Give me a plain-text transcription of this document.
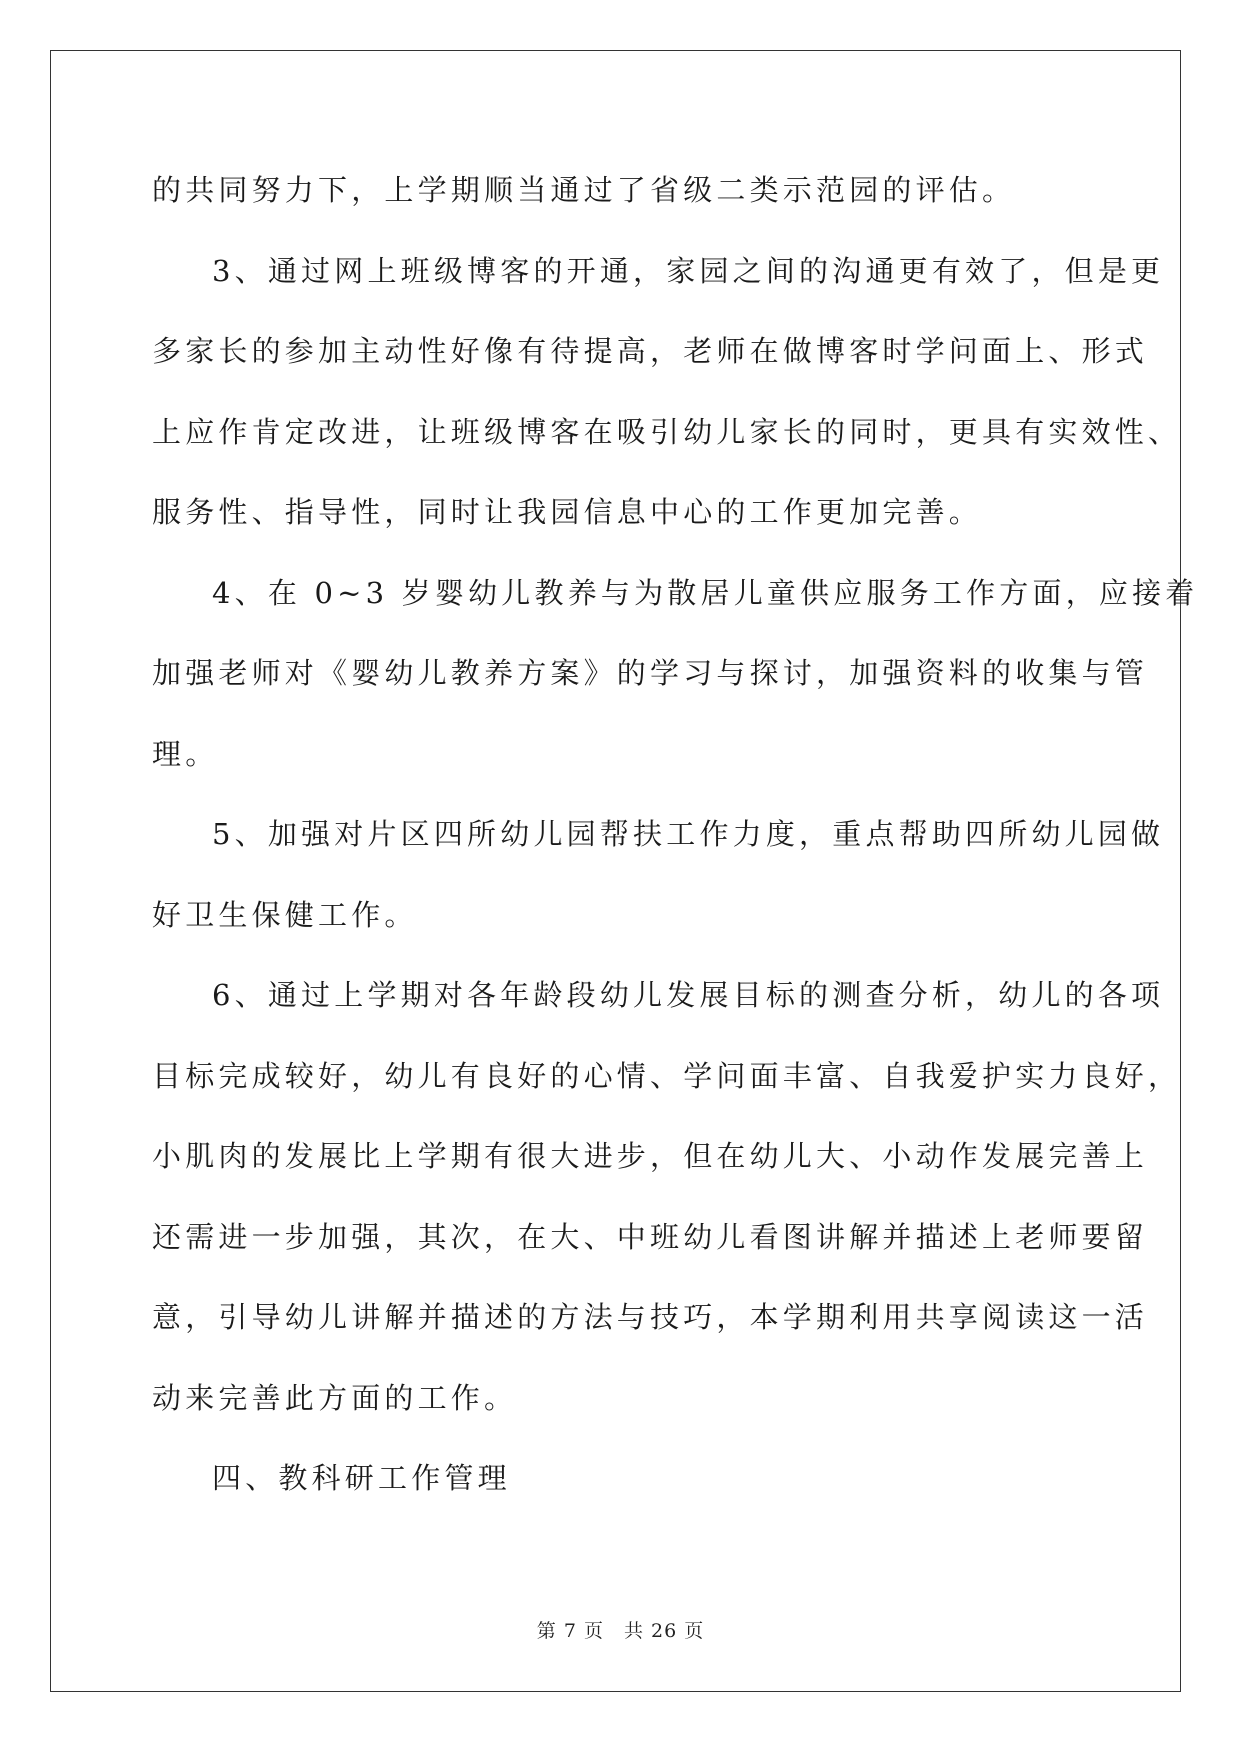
的共同努力下，上学期顺当通过了省级二类示范园的评估。
3、通过网上班级博客的开通，家园之间的沟通更有效了，但是更
多家长的参加主动性好像有待提高，老师在做博客时学问面上、形式
上应作肯定改进，让班级博客在吸引幼儿家长的同时，更具有实效性、
服务性、指导性，同时让我园信息中心的工作更加完善。
4、在 0~3 岁婴幼儿教养与为散居儿童供应服务工作方面，应接着
加强老师对《婴幼儿教养方案》的学习与探讨，加强资料的收集与管
理。
5、加强对片区四所幼儿园帮扶工作力度，重点帮助四所幼儿园做
好卫生保健工作。
6、通过上学期对各年龄段幼儿发展目标的测查分析，幼儿的各项
目标完成较好，幼儿有良好的心情、学问面丰富、自我爱护实力良好，
小肌肉的发展比上学期有很大进步，但在幼儿大、小动作发展完善上
还需进一步加强，其次，在大、中班幼儿看图讲解并描述上老师要留
意，引导幼儿讲解并描述的方法与技巧，本学期利用共享阅读这一活
动来完善此方面的工作。
四、教科研工作管理
第 7 页　共 26 页
